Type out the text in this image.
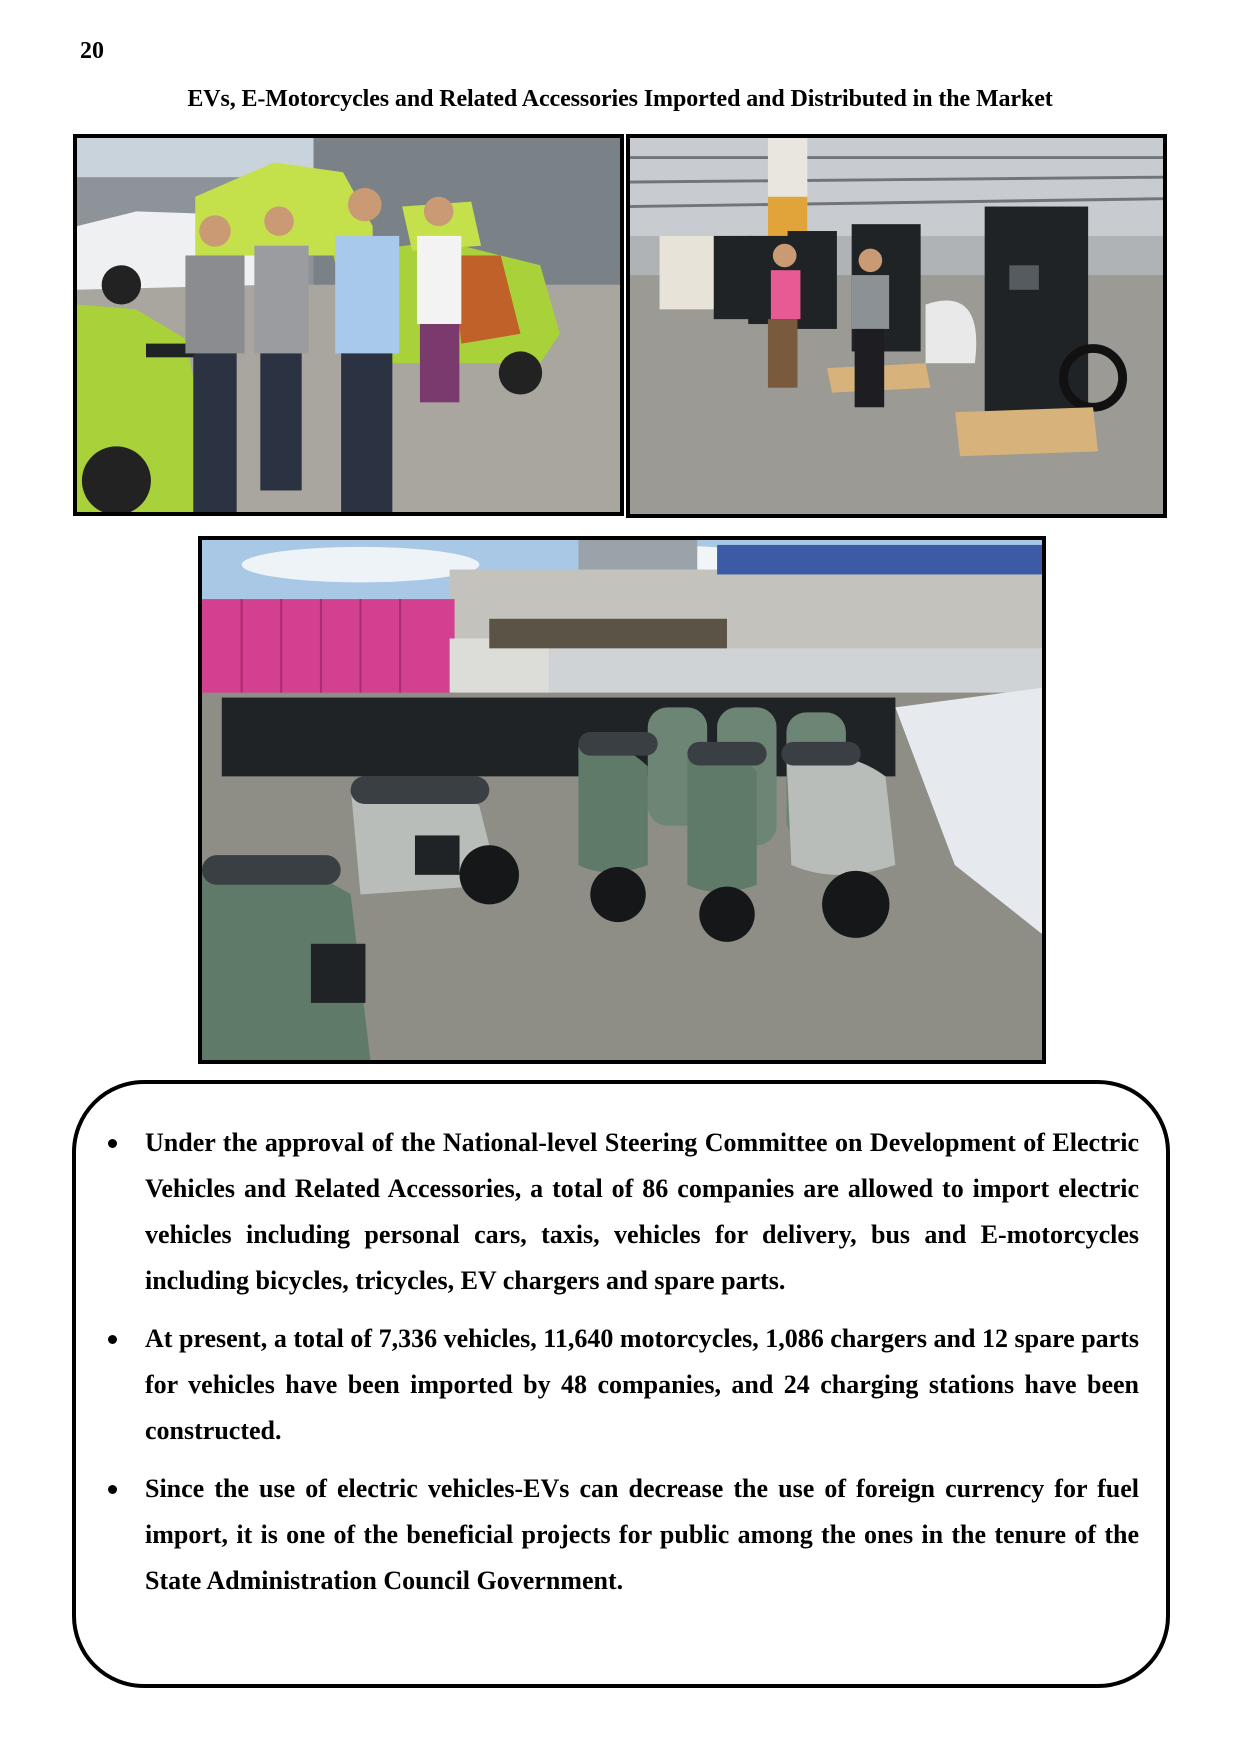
20
EVs, E-Motorcycles and Related Accessories Imported and Distributed in the Market
Under the approval of the National-level Steering Committee on Development of Electric Vehicles and Related Accessories, a total of 86 companies are allowed to import electric vehicles including personal cars, taxis, vehicles for delivery, bus and E-motorcycles including bicycles, tricycles, EV chargers and spare parts.
At present, a total of 7,336 vehicles, 11,640 motorcycles, 1,086 chargers and 12 spare parts for vehicles have been imported by 48 companies, and 24 charging stations have been constructed.
Since the use of electric vehicles-EVs can decrease the use of foreign currency for fuel import, it is one of the beneficial projects for public among the ones in the tenure of the State Administration Council Government.
